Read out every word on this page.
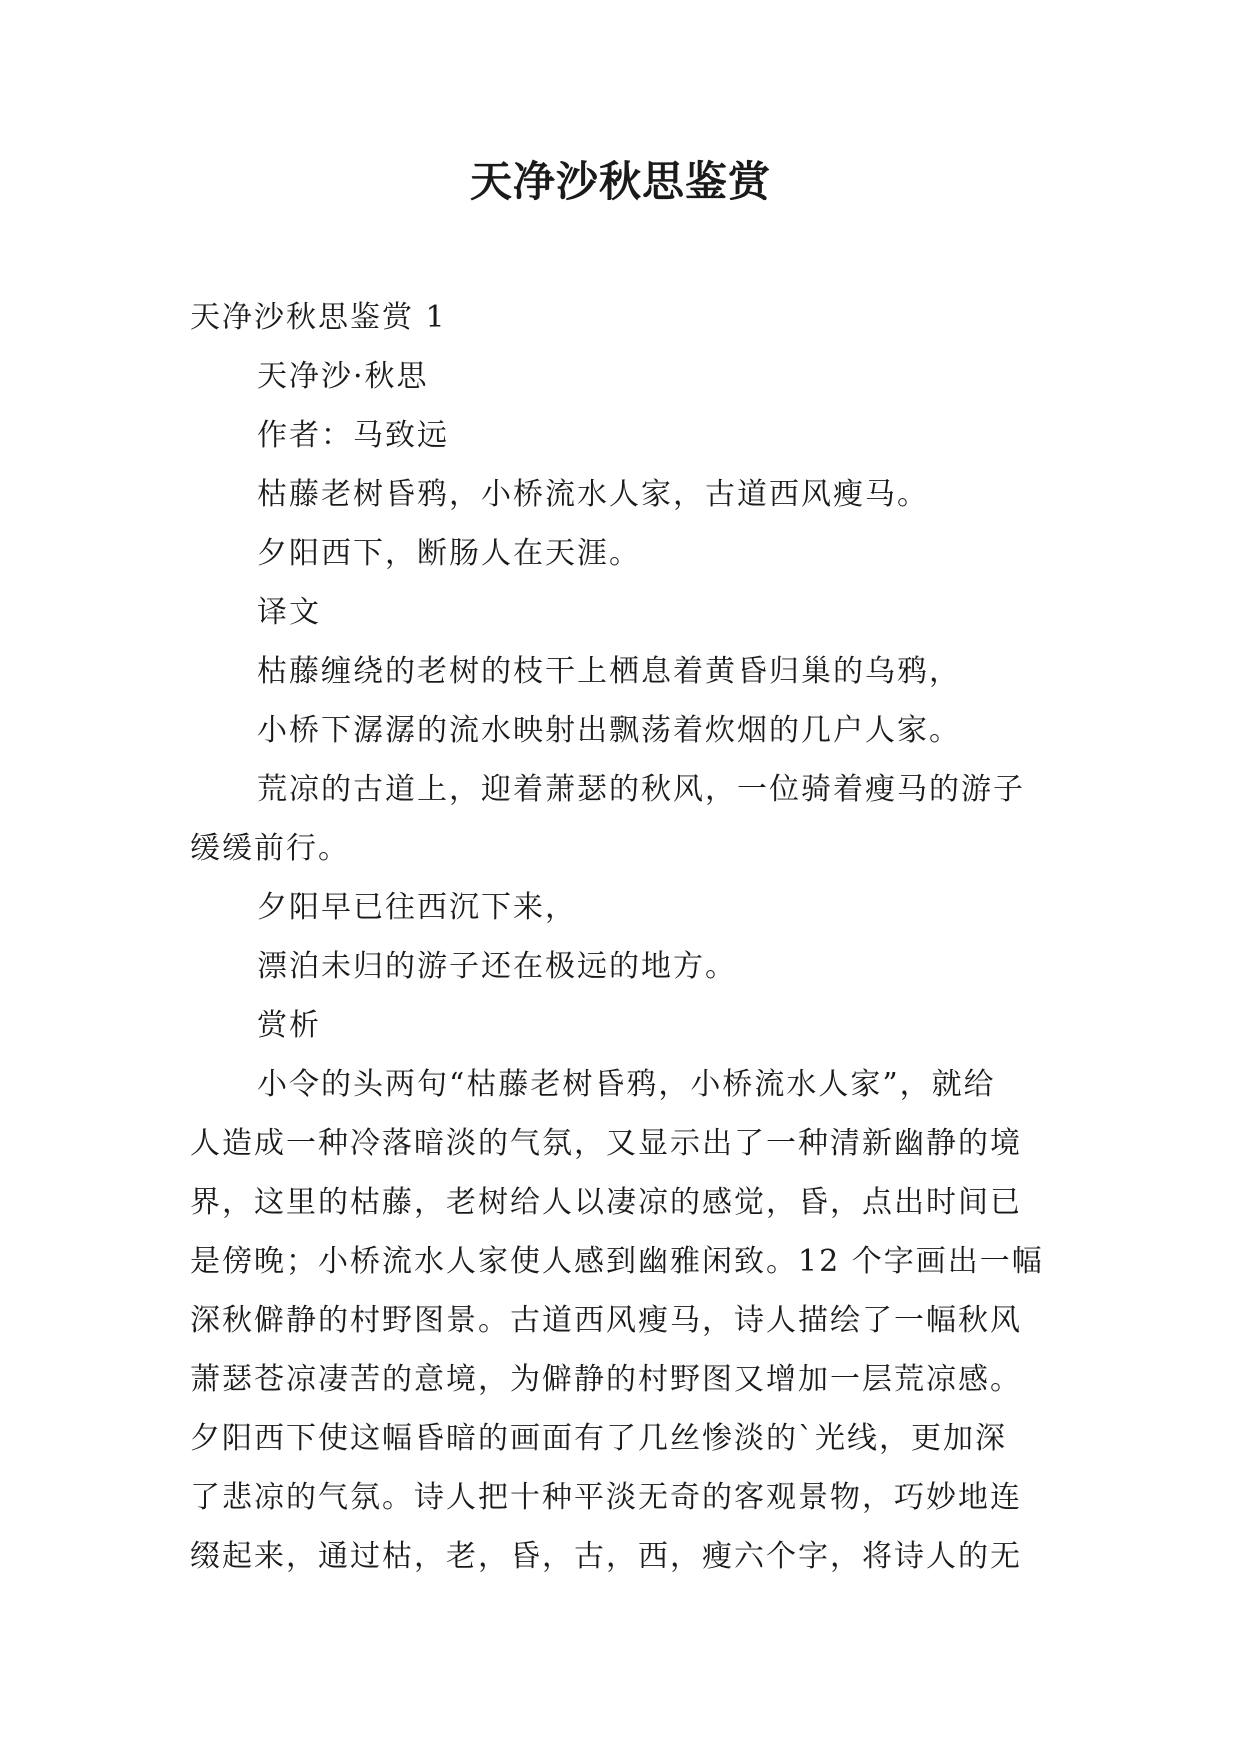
天净沙秋思鉴赏
天净沙秋思鉴赏 1
天净沙·秋思
作者：马致远
枯藤老树昏鸦，小桥流水人家，古道西风瘦马。
夕阳西下，断肠人在天涯。
译文
枯藤缠绕的老树的枝干上栖息着黄昏归巢的乌鸦，
小桥下潺潺的流水映射出飘荡着炊烟的几户人家。
荒凉的古道上，迎着萧瑟的秋风，一位骑着瘦马的游子
缓缓前行。
夕阳早已往西沉下来，
漂泊未归的游子还在极远的地方。
赏析
小令的头两句“枯藤老树昏鸦，小桥流水人家”，就给
人造成一种冷落暗淡的气氛，又显示出了一种清新幽静的境
界，这里的枯藤，老树给人以凄凉的感觉，昏，点出时间已
是傍晚；小桥流水人家使人感到幽雅闲致。12 个字画出一幅
深秋僻静的村野图景。古道西风瘦马，诗人描绘了一幅秋风
萧瑟苍凉凄苦的意境，为僻静的村野图又增加一层荒凉感。
夕阳西下使这幅昏暗的画面有了几丝惨淡的`光线，更加深
了悲凉的气氛。诗人把十种平淡无奇的客观景物，巧妙地连
缀起来，通过枯，老，昏，古，西，瘦六个字，将诗人的无
